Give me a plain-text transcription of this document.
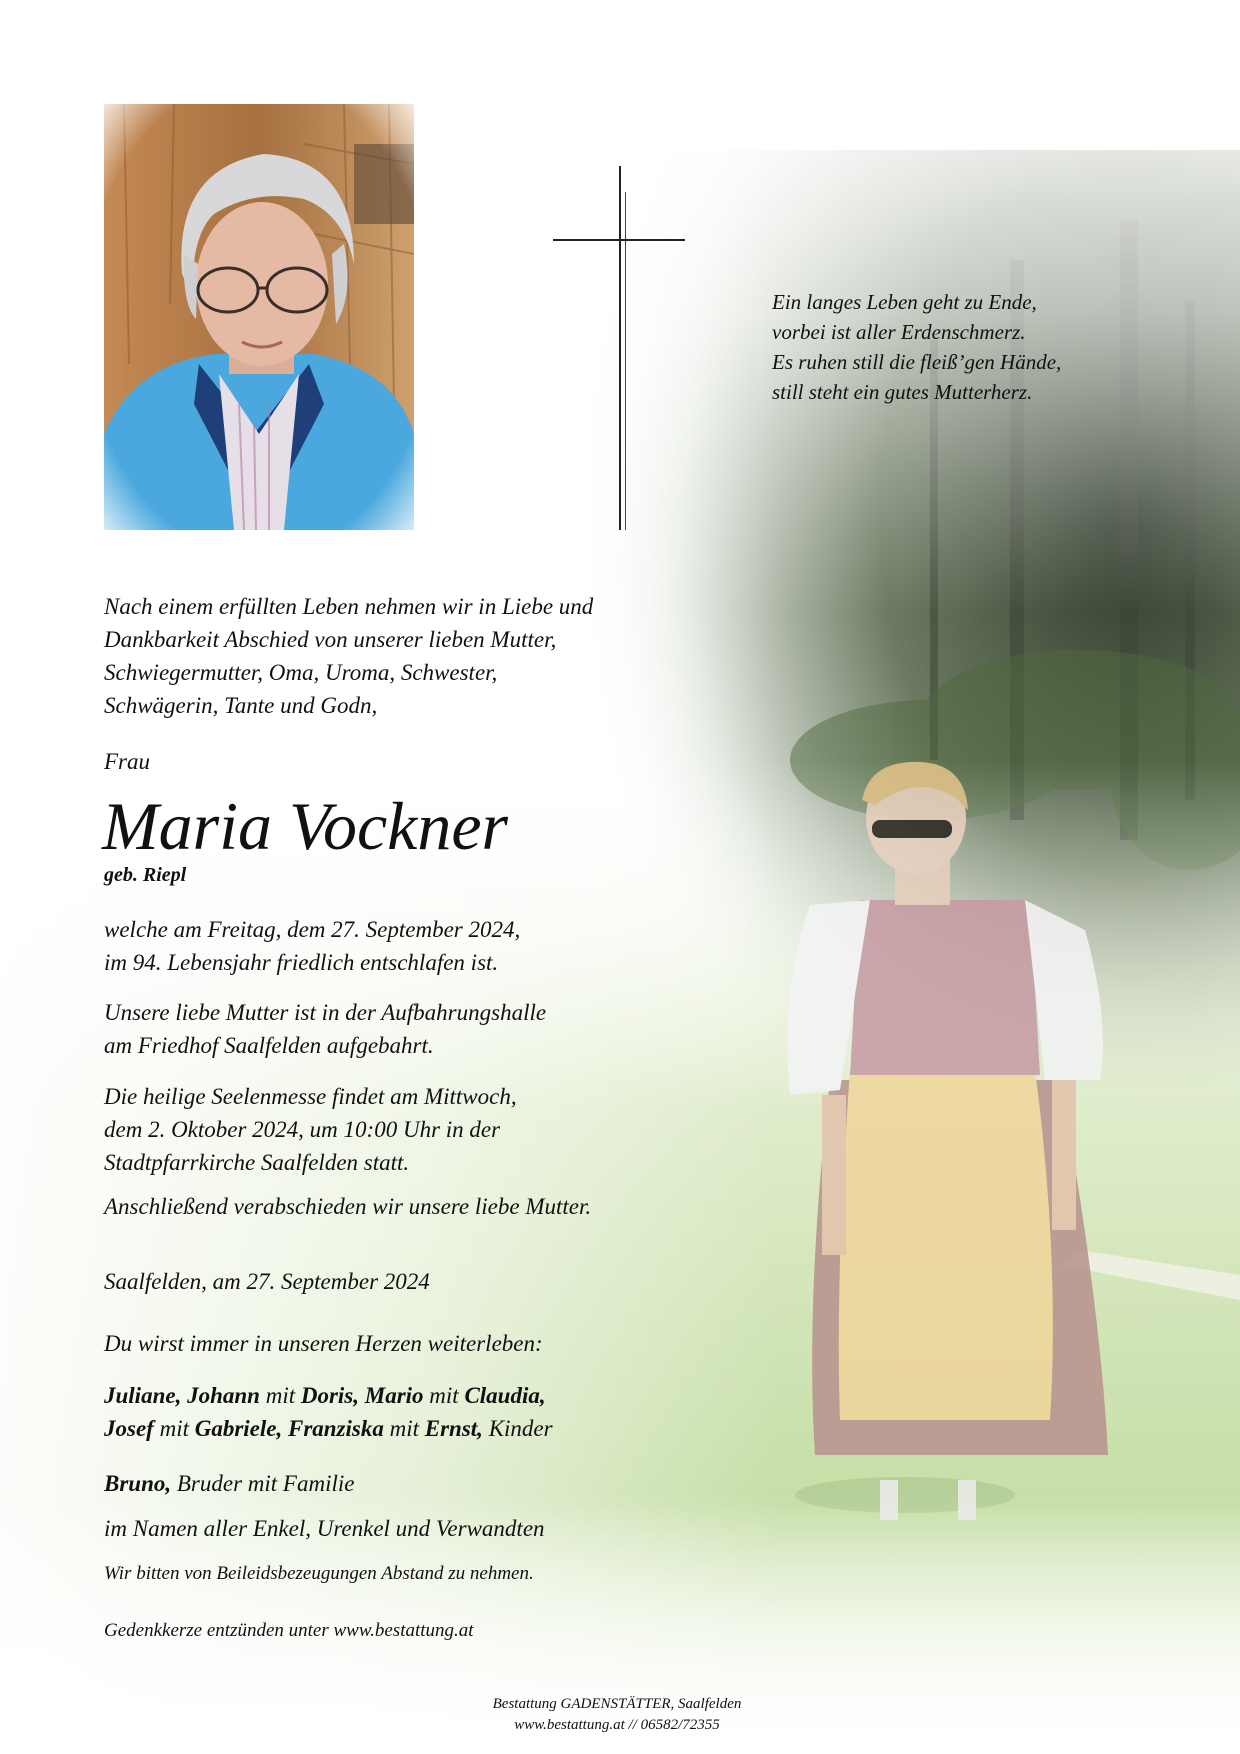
Ein langes Leben geht zu Ende,
vorbei ist aller Erdenschmerz.
Es ruhen still die fleiß’gen Hände,
still steht ein gutes Mutterherz.
Nach einem erfüllten Leben nehmen wir in Liebe und
Dankbarkeit Abschied von unserer lieben Mutter,
Schwiegermutter, Oma, Uroma, Schwester,
Schwägerin, Tante und Godn,
Frau
Maria Vockner
geb. Riepl
welche am Freitag, dem 27. September 2024,
im 94. Lebensjahr friedlich entschlafen ist.
Unsere liebe Mutter ist in der Aufbahrungshalle
am Friedhof Saalfelden aufgebahrt.
Die heilige Seelenmesse findet am Mittwoch,
dem 2. Oktober 2024, um 10:00 Uhr in der
Stadtpfarrkirche Saalfelden statt.
Anschließend verabschieden wir unsere liebe Mutter.
Saalfelden, am 27. September 2024
Du wirst immer in unseren Herzen weiterleben:
Juliane, Johann mit Doris, Mario mit Claudia,
Josef mit Gabriele, Franziska mit Ernst, Kinder
Bruno, Bruder mit Familie
im Namen aller Enkel, Urenkel und Verwandten
Wir bitten von Beileidsbezeugungen Abstand zu nehmen.
Gedenkkerze entzünden unter www.bestattung.at
Bestattung GADENSTÄTTER, Saalfelden
www.bestattung.at // 06582/72355
